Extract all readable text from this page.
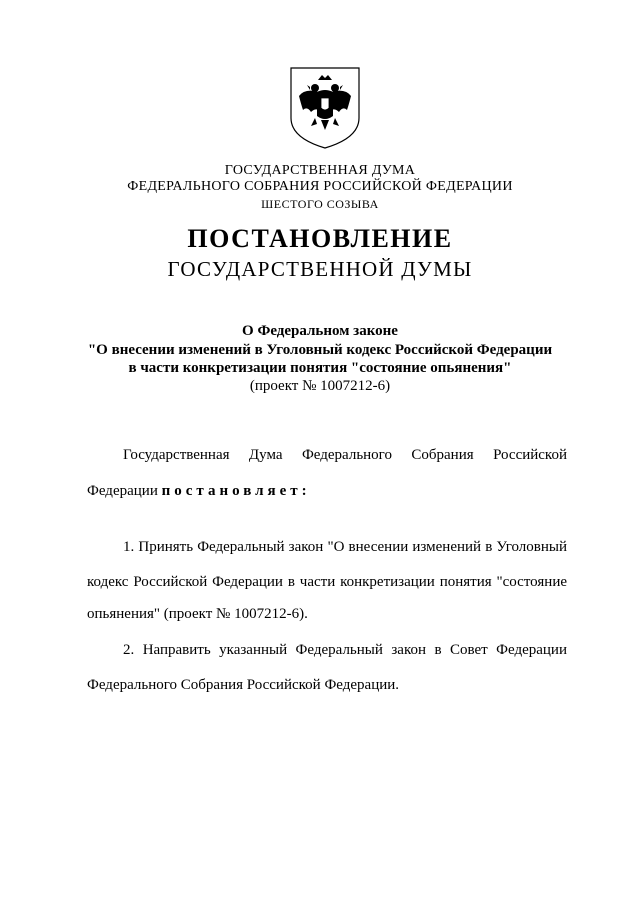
ГОСУДАРСТВЕННАЯ ДУМА
ФЕДЕРАЛЬНОГО СОБРАНИЯ РОССИЙСКОЙ ФЕДЕРАЦИИ
ШЕСТОГО СОЗЫВА
ПОСТАНОВЛЕНИЕ
ГОСУДАРСТВЕННОЙ ДУМЫ
О Федеральном законе
"О внесении изменений в Уголовный кодекс Российской Федерации
в части конкретизации понятия "состояние опьянения"
(проект № 1007212-6)
Государственная Дума Федерального Собрания Российской
Федерации постановляет:
1. Принять Федеральный закон "О внесении изменений в Уголовный
кодекс Российской Федерации в части конкретизации понятия "состояние
опьянения" (проект № 1007212-6).
2. Направить указанный Федеральный закон в Совет Федерации
Федерального Собрания Российской Федерации.
